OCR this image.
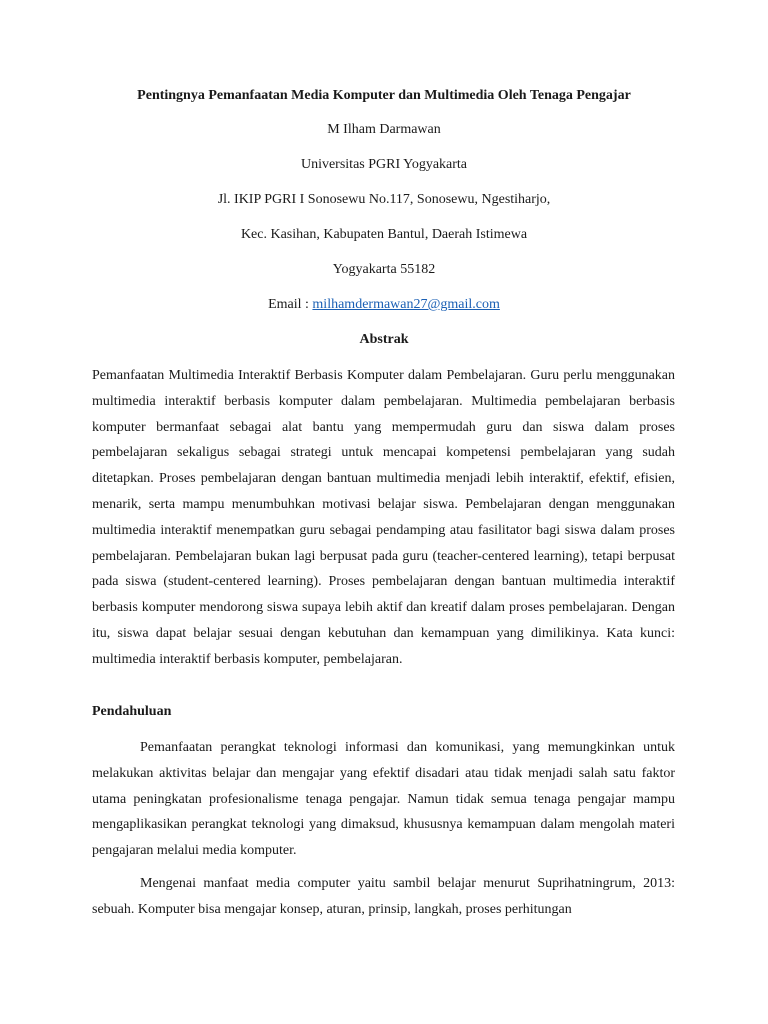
Pentingnya Pemanfaatan Media Komputer dan Multimedia Oleh Tenaga Pengajar
M Ilham Darmawan
Universitas PGRI Yogyakarta
Jl. IKIP PGRI I Sonosewu No.117, Sonosewu, Ngestiharjo,
Kec. Kasihan, Kabupaten Bantul, Daerah Istimewa
Yogyakarta 55182
Email : milhamdermawan27@gmail.com
Abstrak
Pemanfaatan Multimedia Interaktif Berbasis Komputer dalam Pembelajaran. Guru perlu menggunakan multimedia interaktif berbasis komputer dalam pembelajaran. Multimedia pembelajaran berbasis komputer bermanfaat sebagai alat bantu yang mempermudah guru dan siswa dalam proses pembelajaran sekaligus sebagai strategi untuk mencapai kompetensi pembelajaran yang sudah ditetapkan. Proses pembelajaran dengan bantuan multimedia menjadi lebih interaktif, efektif, efisien, menarik, serta mampu menumbuhkan motivasi belajar siswa. Pembelajaran dengan menggunakan multimedia interaktif menempatkan guru sebagai pendamping atau fasilitator bagi siswa dalam proses pembelajaran. Pembelajaran bukan lagi berpusat pada guru (teacher-centered learning), tetapi berpusat pada siswa (student-centered learning). Proses pembelajaran dengan bantuan multimedia interaktif berbasis komputer mendorong siswa supaya lebih aktif dan kreatif dalam proses pembelajaran. Dengan itu, siswa dapat belajar sesuai dengan kebutuhan dan kemampuan yang dimilikinya. Kata kunci: multimedia interaktif berbasis komputer, pembelajaran.
Pendahuluan
Pemanfaatan perangkat teknologi informasi dan komunikasi, yang memungkinkan untuk melakukan aktivitas belajar dan mengajar yang efektif disadari atau tidak menjadi salah satu faktor utama peningkatan profesionalisme tenaga pengajar. Namun tidak semua tenaga pengajar mampu mengaplikasikan perangkat teknologi yang dimaksud, khususnya kemampuan dalam mengolah materi pengajaran melalui media komputer.
Mengenai manfaat media computer yaitu sambil belajar menurut Suprihatningrum, 2013: sebuah. Komputer bisa mengajar konsep, aturan, prinsip, langkah, proses perhitungan
